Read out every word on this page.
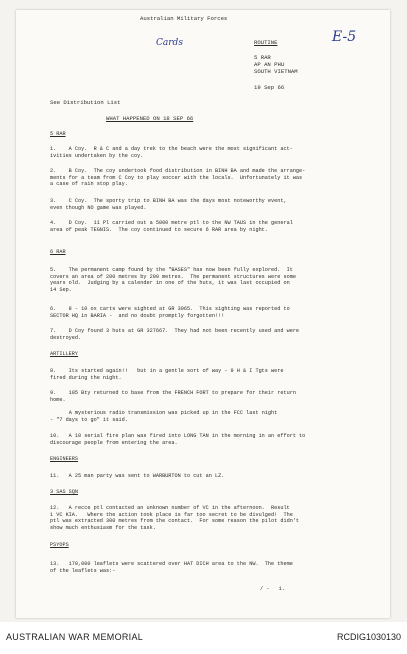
Australian Military Forces
E-5
Cards	ROUTINE
5 RAR
AP AN PHU
SOUTH VIETNAM
19 Sep 66
See Distribution List
WHAT HAPPENED ON 18 SEP 66
5 RAR
1.    A Coy.  R & C and a day trek to the beach were the most significant act-
ivities undertaken by the coy.
2.    B Coy.  The coy undertook food distribution in BINH BA and made the arrange-
ments for a team from C Coy to play soccer with the locals.  Unfortunately it was
a case of rain stop play.
3.    C Coy.  The sporty trip to BINH BA was the days most noteworthy event,
even though NO game was played.
4.    D Coy.  11 Pl carried out a 5000 metre ptl to the NW TAUS in the general
area of peak TEGNIS.  The coy continued to secure 6 RAR area by night.
6 RAR
5.    The permanent camp found by the "BASES" has now been fully explored.  It
covers an area of 200 metres by 200 metres.  The permanent structures were some
years old.  Judging by a calender in one of the huts, it was last occupied on
14 Sep.
6.    8 - 10 ox carts were sighted at GR 3065.  This sighting was reported to
SECTOR HQ in BARIA -  and no doubt promptly forgotten!!!
7.    D Coy found 3 huts at GR 327667.  They had not been recently used and were
destroyed.
ARTILLERY
8.    Its started again!!   but in a gentle sort of way - 9 H & I Tgts were
fired during the night.
9.    105 Bty returned to base from the FRENCH FORT to prepare for their return
home.
A mysterious radio transmission was picked up in the FCC last night
- "7 days to go" it said.
10.   A 10 serial fire plan was fired into LONG TAN in the morning in an effort to
discourage people from entering the area.
ENGINEERS
11.   A 25 man party was sent to WARBURTON to cut an LZ.
3 SAS SQN
12.   A recce ptl contacted an unknown number of VC in the afternoon.  Result
1 VC KIA.   Where the action took place is far too secret to be divulged!  The
ptl was extracted 300 metres from the contact.  For some reason the pilot didn't
show much enthusiasm for the task.
PSYOPS
13.   170,000 leaflets were scattered over HAT DICH area to the NW.  The theme
of the leaflets was:-
/ -   1.
AUSTRALIAN WAR MEMORIAL	RCDIG1030130
